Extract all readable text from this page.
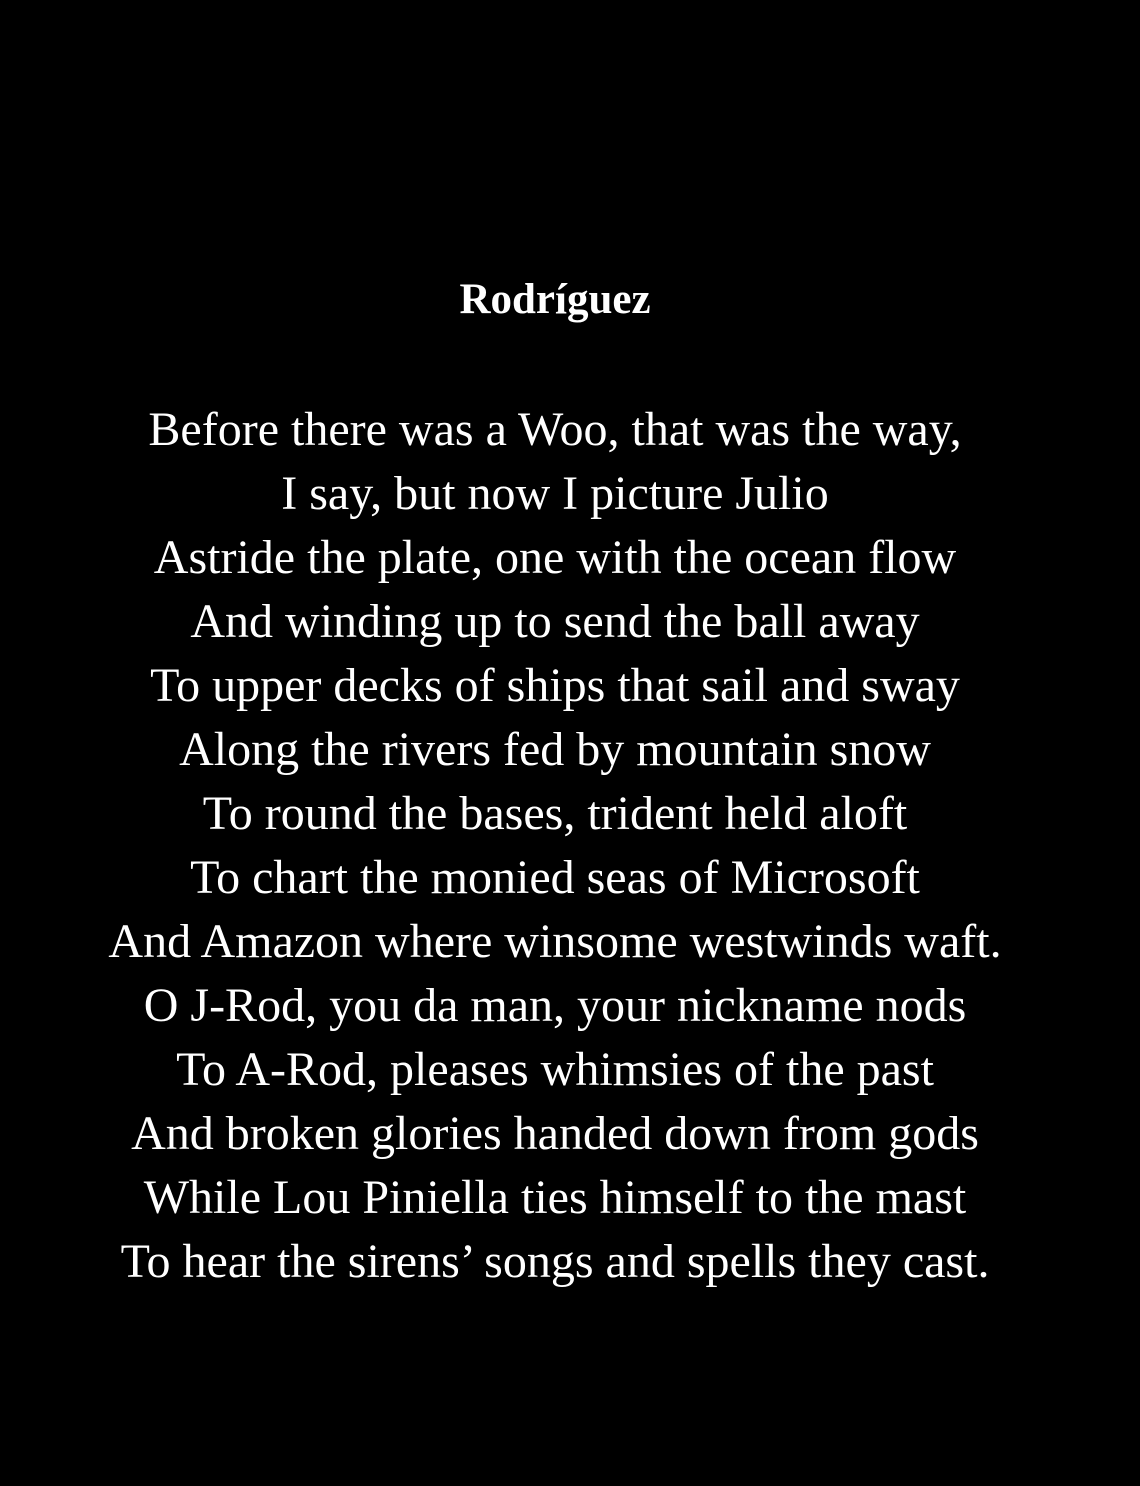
Rodríguez
Before there was a Woo, that was the way,
I say, but now I picture Julio
Astride the plate, one with the ocean flow
And winding up to send the ball away
To upper decks of ships that sail and sway
Along the rivers fed by mountain snow
To round the bases, trident held aloft
To chart the monied seas of Microsoft
And Amazon where winsome westwinds waft.
O J-Rod, you da man, your nickname nods
To A-Rod, pleases whimsies of the past
And broken glories handed down from gods
While Lou Piniella ties himself to the mast
To hear the sirens’ songs and spells they cast.
